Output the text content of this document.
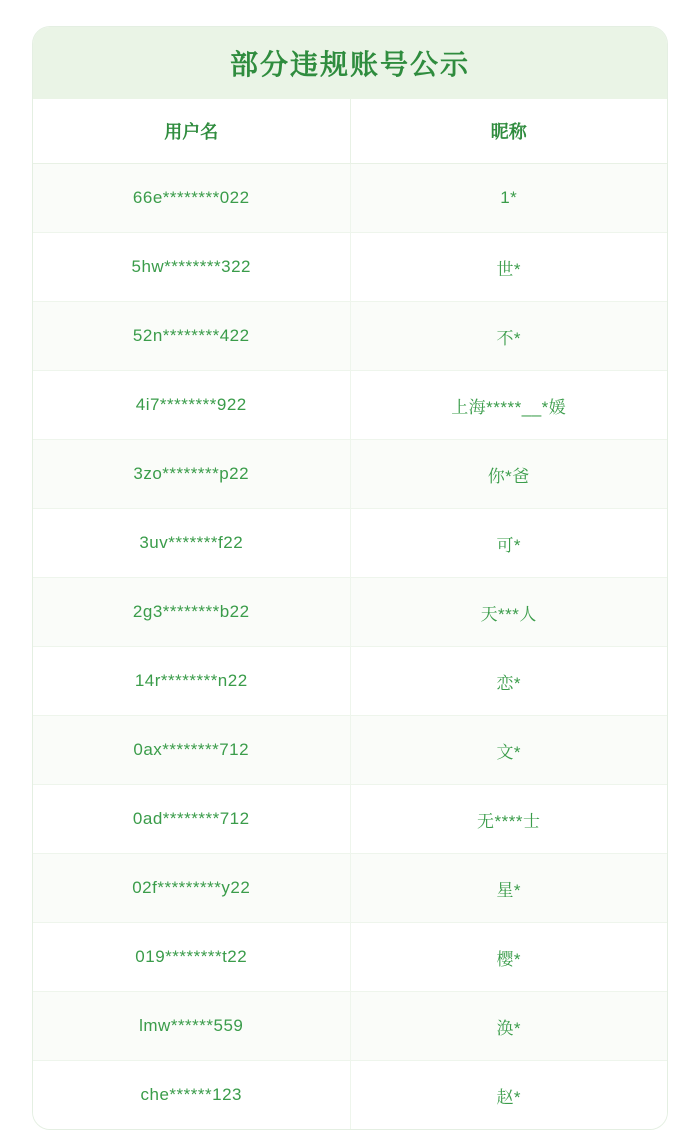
部分违规账号公示
用户名	昵称
66e********022	1*
5hw********322	世*
52n********422	不*
4i7********922	上海*****__*媛
3zo********p22	你*爸
3uv*******f22	可*
2g3********b22	天***人
14r********n22	恋*
0ax********712	文*
0ad********712	无****士
02f*********y22	星*
019********t22	樱*
lmw******559	涣*
che******123	赵*
